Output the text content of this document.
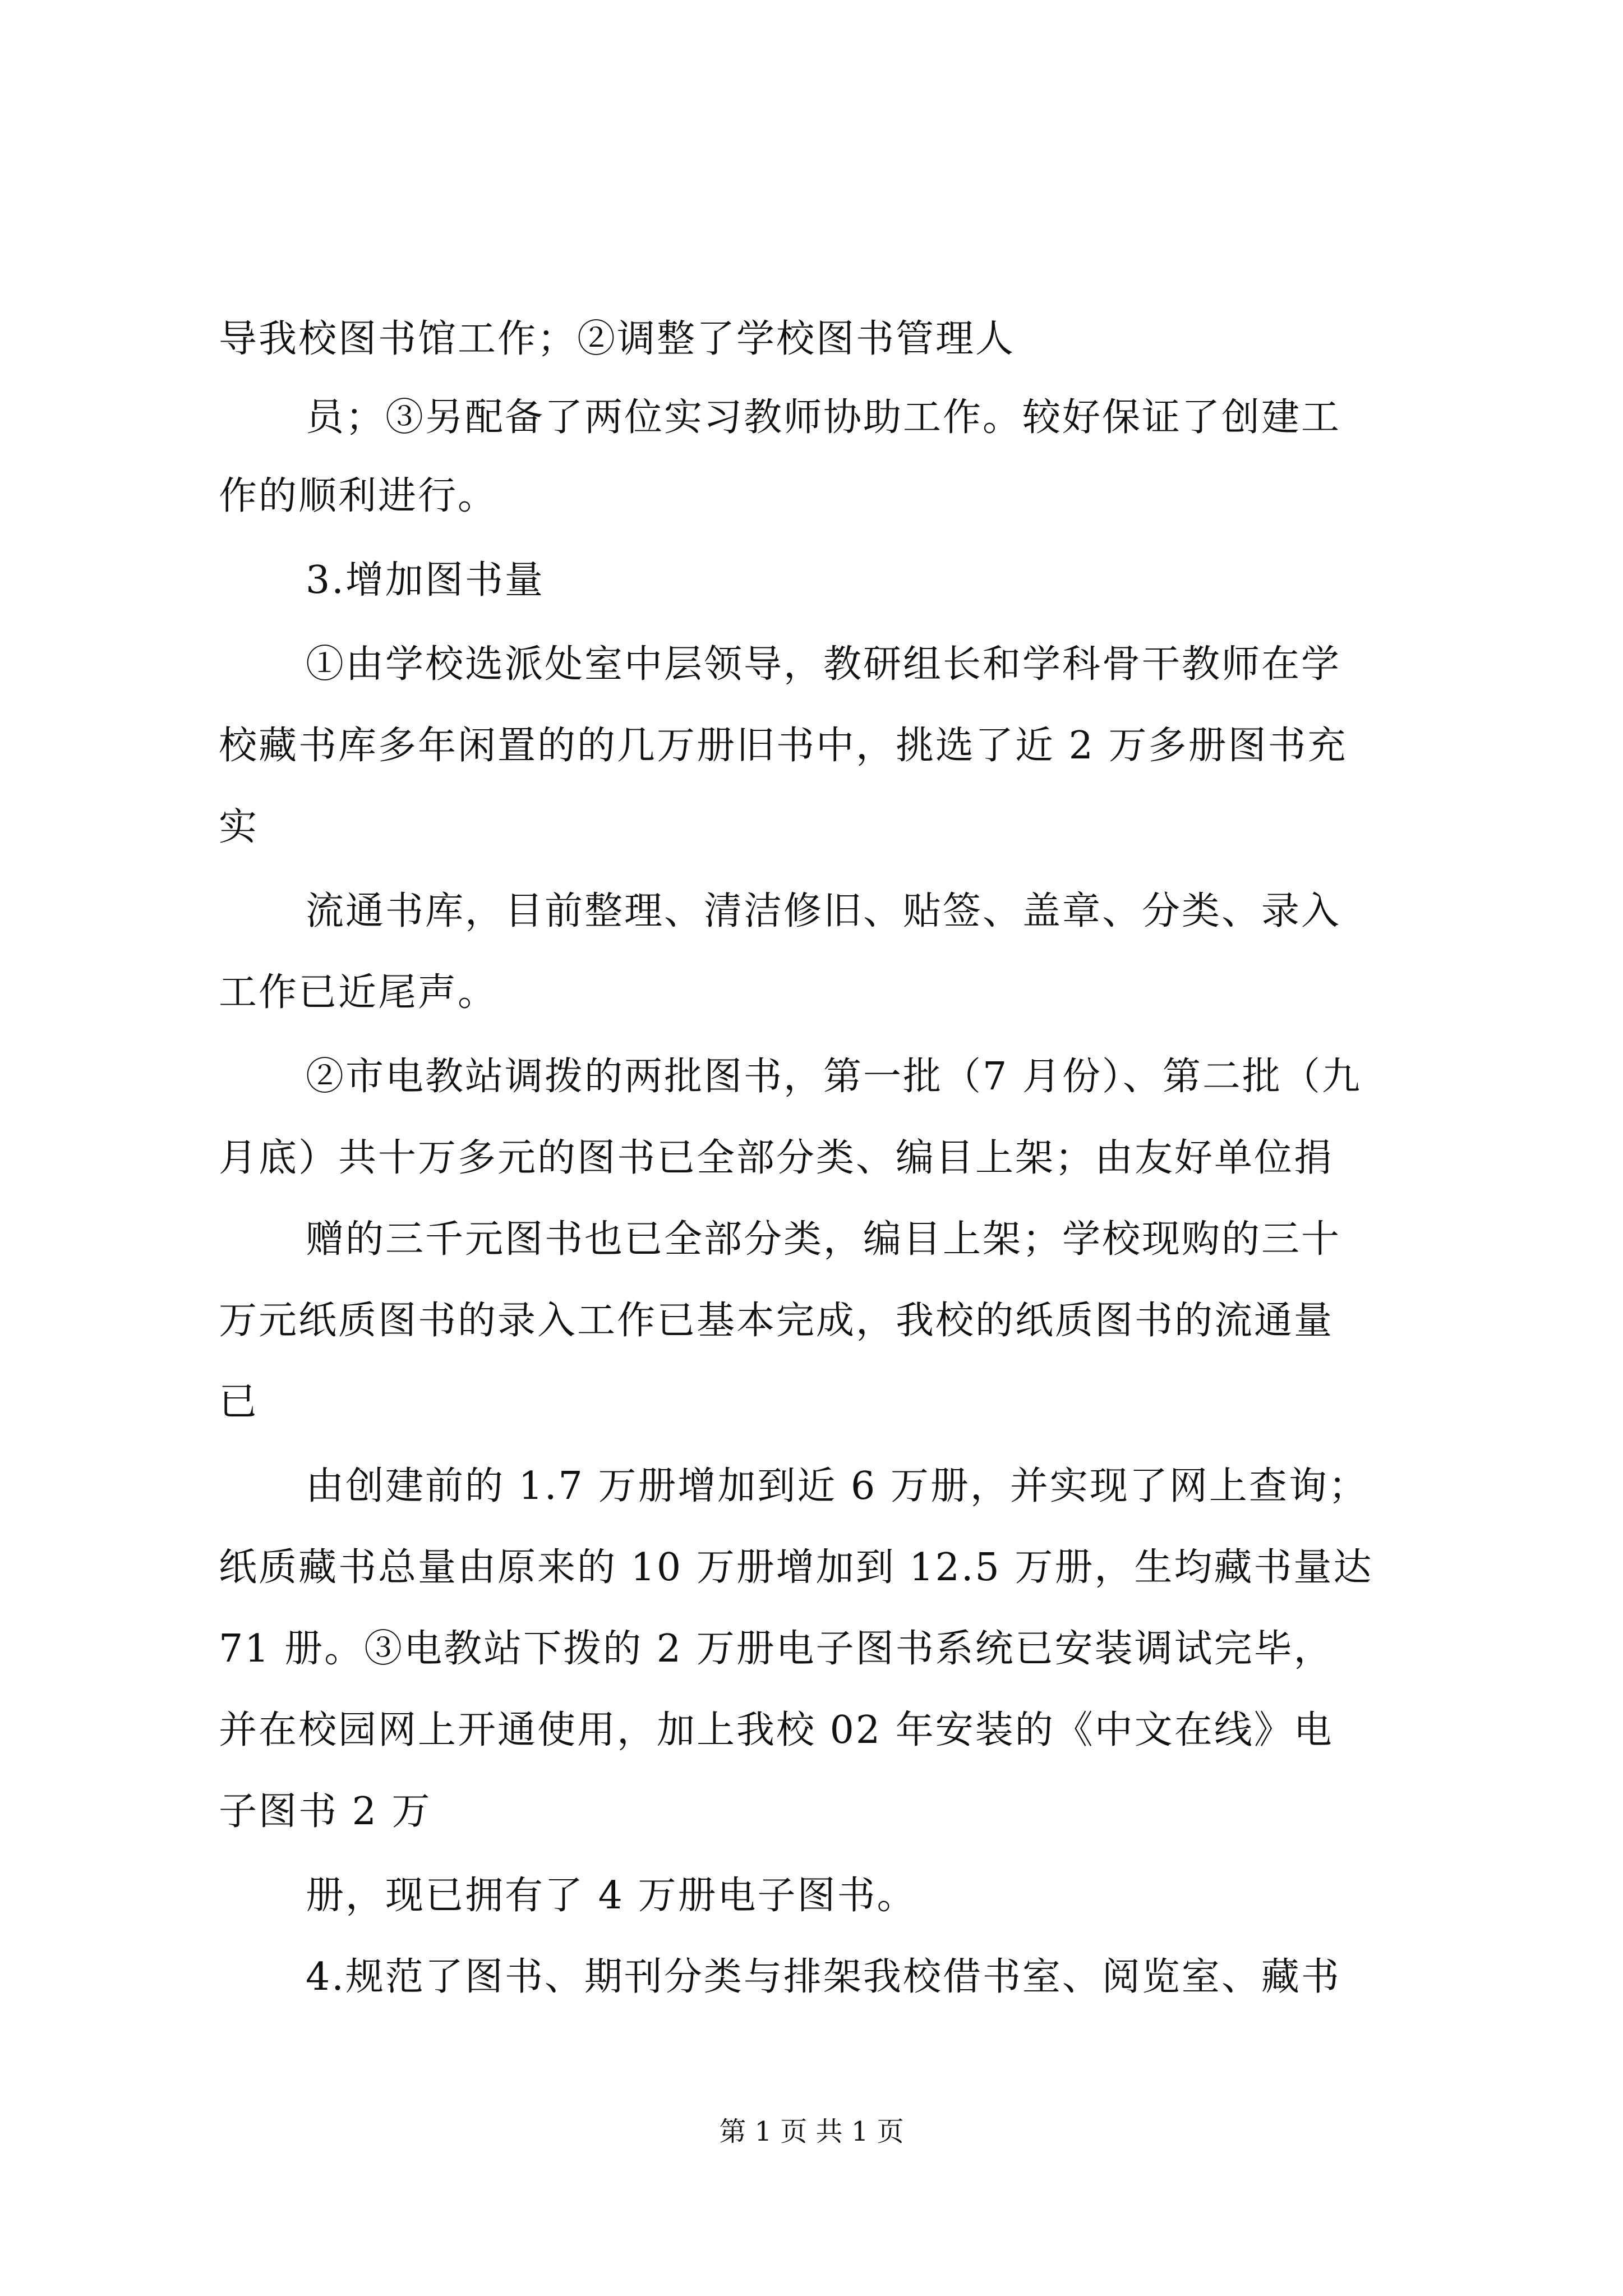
导我校图书馆工作；②调整了学校图书管理人
员；③另配备了两位实习教师协助工作。较好保证了创建工
作的顺利进行。
3.增加图书量
①由学校选派处室中层领导，教研组长和学科骨干教师在学
校藏书库多年闲置的的几万册旧书中，挑选了近 2 万多册图书充
实
流通书库，目前整理、清洁修旧、贴签、盖章、分类、录入
工作已近尾声。
②市电教站调拨的两批图书，第一批（7 月份）、第二批（九
月底）共十万多元的图书已全部分类、编目上架；由友好单位捐
赠的三千元图书也已全部分类，编目上架；学校现购的三十
万元纸质图书的录入工作已基本完成，我校的纸质图书的流通量
已
由创建前的 1.7 万册增加到近 6 万册，并实现了网上查询；
纸质藏书总量由原来的 10 万册增加到 12.5 万册，生均藏书量达
71 册。③电教站下拨的 2 万册电子图书系统已安装调试完毕，
并在校园网上开通使用，加上我校 02 年安装的《中文在线》电
子图书 2 万
册，现已拥有了 4 万册电子图书。
4.规范了图书、期刊分类与排架我校借书室、阅览室、藏书
第 1 页 共 1 页
